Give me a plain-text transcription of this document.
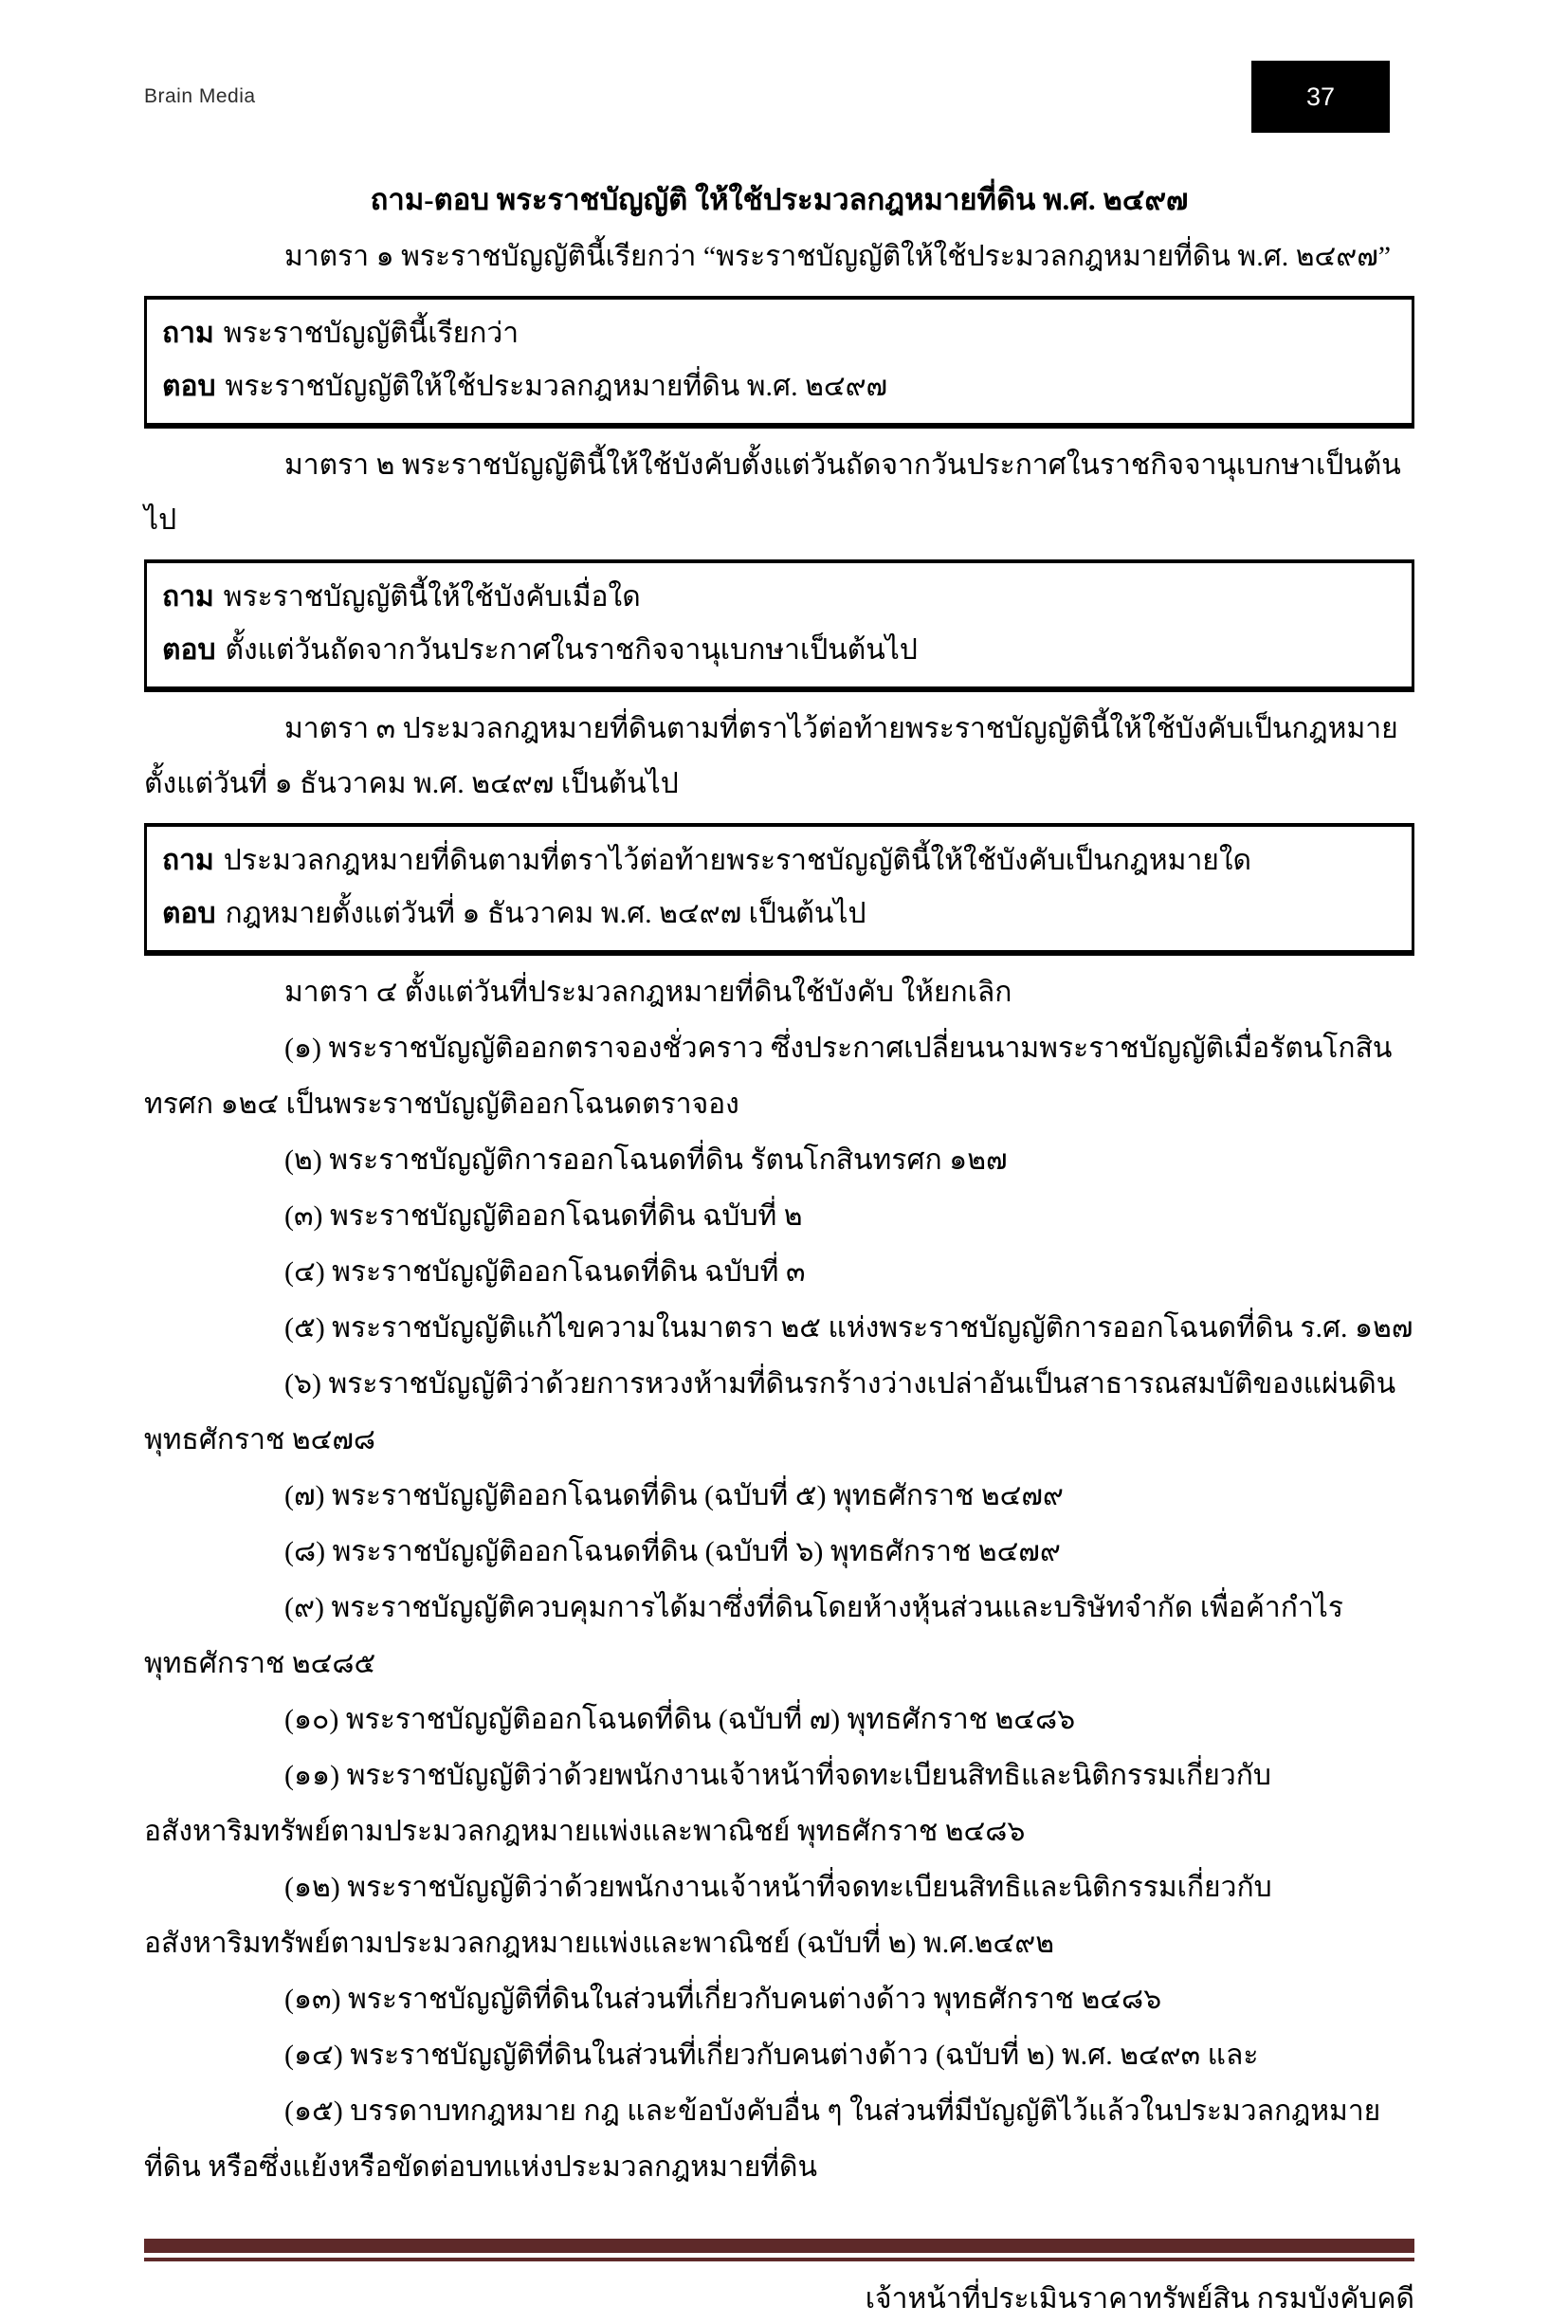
Brain Media	37
ถาม-ตอบ พระราชบัญญัติ ให้ใช้ประมวลกฎหมายที่ดิน พ.ศ. ๒๔๙๗

มาตรา ๑ พระราชบัญญัตินี้เรียกว่า “พระราชบัญญัติให้ใช้ประมวลกฎหมายที่ดิน พ.ศ. ๒๔๙๗”

ถาม พระราชบัญญัตินี้เรียกว่า
ตอบ พระราชบัญญัติให้ใช้ประมวลกฎหมายที่ดิน พ.ศ. ๒๔๙๗

มาตรา ๒ พระราชบัญญัตินี้ให้ใช้บังคับตั้งแต่วันถัดจากวันประกาศในราชกิจจานุเบกษาเป็นต้นไป

ถาม พระราชบัญญัตินี้ให้ใช้บังคับเมื่อใด
ตอบ ตั้งแต่วันถัดจากวันประกาศในราชกิจจานุเบกษาเป็นต้นไป

มาตรา ๓ ประมวลกฎหมายที่ดินตามที่ตราไว้ต่อท้ายพระราชบัญญัตินี้ให้ใช้บังคับเป็นกฎหมายตั้งแต่วันที่ ๑ ธันวาคม พ.ศ. ๒๔๙๗ เป็นต้นไป

ถาม ประมวลกฎหมายที่ดินตามที่ตราไว้ต่อท้ายพระราชบัญญัตินี้ให้ใช้บังคับเป็นกฎหมายใด
ตอบ กฎหมายตั้งแต่วันที่ ๑ ธันวาคม พ.ศ. ๒๔๙๗ เป็นต้นไป

มาตรา ๔ ตั้งแต่วันที่ประมวลกฎหมายที่ดินใช้บังคับ ให้ยกเลิก

(๑) พระราชบัญญัติออกตราจองชั่วคราว ซึ่งประกาศเปลี่ยนนามพระราชบัญญัติเมื่อรัตนโกสินทรศก ๑๒๔ เป็นพระราชบัญญัติออกโฉนดตราจอง

(๒) พระราชบัญญัติการออกโฉนดที่ดิน รัตนโกสินทรศก ๑๒๗

(๓) พระราชบัญญัติออกโฉนดที่ดิน ฉบับที่ ๒

(๔) พระราชบัญญัติออกโฉนดที่ดิน ฉบับที่ ๓

(๕) พระราชบัญญัติแก้ไขความในมาตรา ๒๕ แห่งพระราชบัญญัติการออกโฉนดที่ดิน ร.ศ. ๑๒๗

(๖) พระราชบัญญัติว่าด้วยการหวงห้ามที่ดินรกร้างว่างเปล่าอันเป็นสาธารณสมบัติของแผ่นดิน พุทธศักราช ๒๔๗๘

(๗) พระราชบัญญัติออกโฉนดที่ดิน (ฉบับที่ ๕) พุทธศักราช ๒๔๗๙

(๘) พระราชบัญญัติออกโฉนดที่ดิน (ฉบับที่ ๖) พุทธศักราช ๒๔๗๙

(๙) พระราชบัญญัติควบคุมการได้มาซึ่งที่ดินโดยห้างหุ้นส่วนและบริษัทจำกัด เพื่อค้ากำไร พุทธศักราช ๒๔๘๕

(๑๐) พระราชบัญญัติออกโฉนดที่ดิน (ฉบับที่ ๗) พุทธศักราช ๒๔๘๖

(๑๑) พระราชบัญญัติว่าด้วยพนักงานเจ้าหน้าที่จดทะเบียนสิทธิและนิติกรรมเกี่ยวกับอสังหาริมทรัพย์ตามประมวลกฎหมายแพ่งและพาณิชย์ พุทธศักราช ๒๔๘๖

(๑๒) พระราชบัญญัติว่าด้วยพนักงานเจ้าหน้าที่จดทะเบียนสิทธิและนิติกรรมเกี่ยวกับอสังหาริมทรัพย์ตามประมวลกฎหมายแพ่งและพาณิชย์ (ฉบับที่ ๒) พ.ศ.๒๔๙๒

(๑๓) พระราชบัญญัติที่ดินในส่วนที่เกี่ยวกับคนต่างด้าว พุทธศักราช ๒๔๘๖

(๑๔) พระราชบัญญัติที่ดินในส่วนที่เกี่ยวกับคนต่างด้าว (ฉบับที่ ๒) พ.ศ. ๒๔๙๓ และ

(๑๕) บรรดาบทกฎหมาย กฎ และข้อบังคับอื่น ๆ ในส่วนที่มีบัญญัติไว้แล้วในประมวลกฎหมายที่ดิน หรือซึ่งแย้งหรือขัดต่อบทแห่งประมวลกฎหมายที่ดิน

เจ้าหน้าที่ประเมินราคาทรัพย์สิน กรมบังคับคดี
